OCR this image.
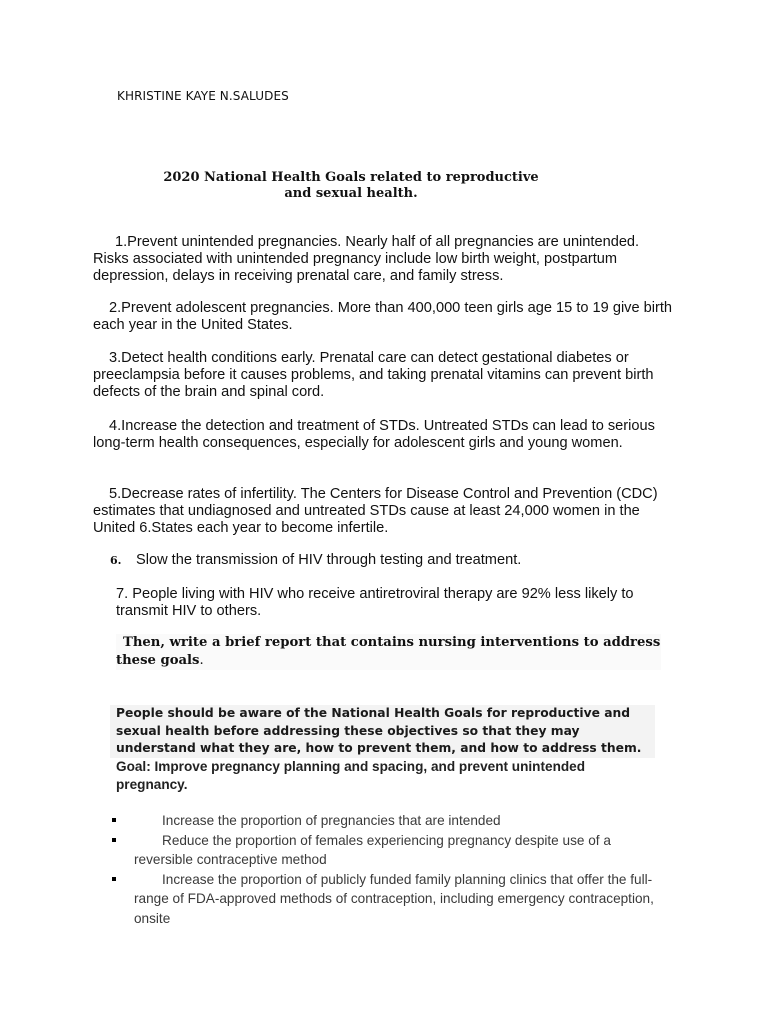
KHRISTINE KAYE N.SALUDES
2020 National Health Goals related to reproductive
and sexual health.
1.Prevent unintended pregnancies. Nearly half of all pregnancies are unintended. Risks associated with unintended pregnancy include low birth weight, postpartum depression, delays in receiving prenatal care, and family stress.
2.Prevent adolescent pregnancies. More than 400,000 teen girls age 15 to 19 give birth each year in the United States.
3.Detect health conditions early. Prenatal care can detect gestational diabetes or preeclampsia before it causes problems, and taking prenatal vitamins can prevent birth defects of the brain and spinal cord.
4.Increase the detection and treatment of STDs. Untreated STDs can lead to serious long-term health consequences, especially for adolescent girls and young women.
5.Decrease rates of infertility. The Centers for Disease Control and Prevention (CDC) estimates that undiagnosed and untreated STDs cause at least 24,000 women in the United 6.States each year to become infertile.
6. Slow the transmission of HIV through testing and treatment.
7. People living with HIV who receive antiretroviral therapy are 92% less likely to transmit HIV to others.
Then, write a brief report that contains nursing interventions to address these goals.
People should be aware of the National Health Goals for reproductive and sexual health before addressing these objectives so that they may understand what they are, how to prevent them, and how to address them.
Goal: Improve pregnancy planning and spacing, and prevent unintended pregnancy.
Increase the proportion of pregnancies that are intended
Reduce the proportion of females experiencing pregnancy despite use of a reversible contraceptive method
Increase the proportion of publicly funded family planning clinics that offer the full-range of FDA-approved methods of contraception, including emergency contraception, onsite
